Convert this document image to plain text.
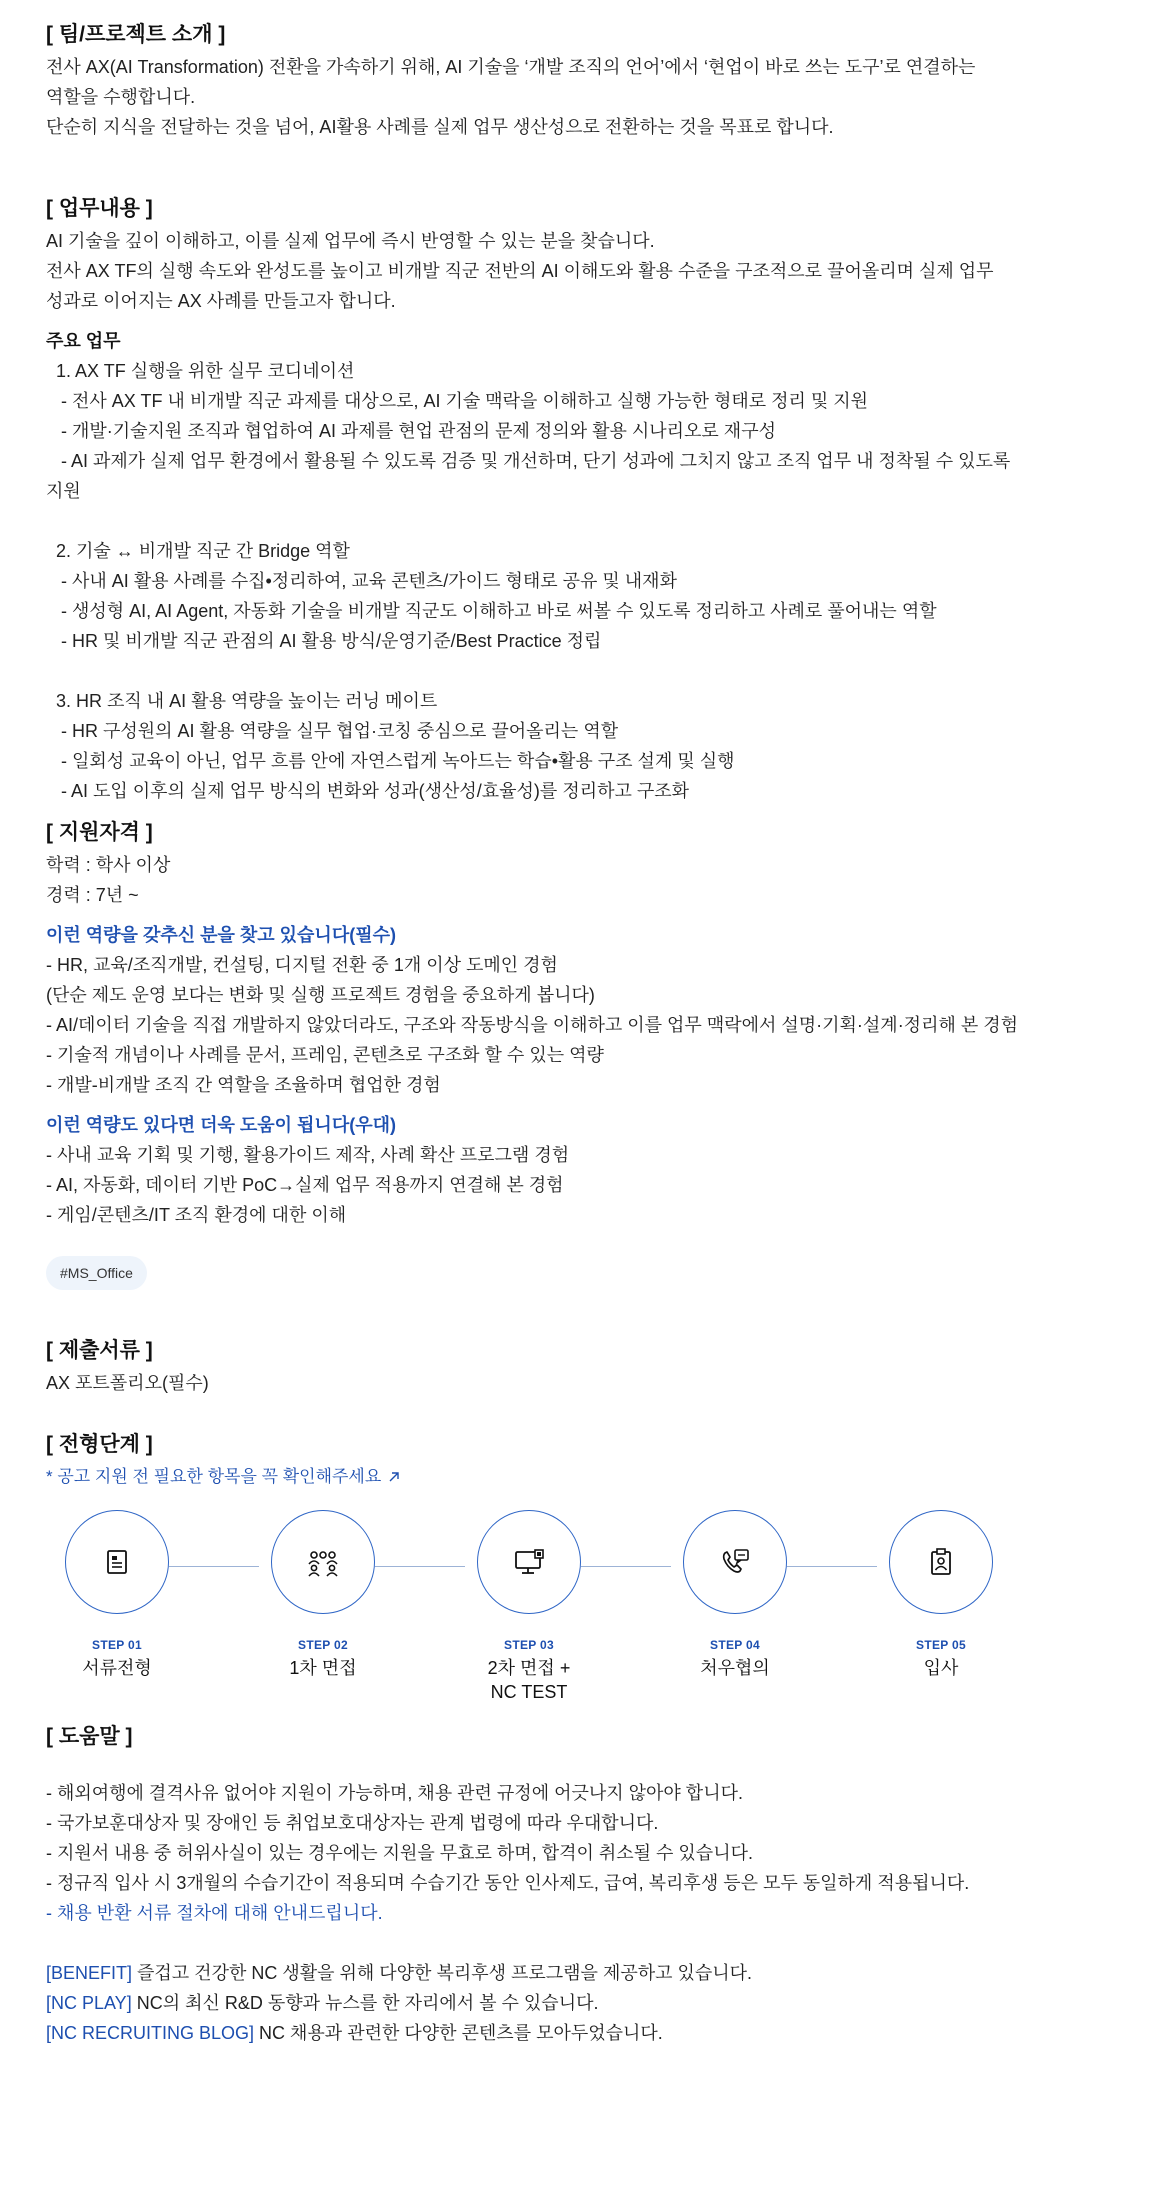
[ 팀/프로젝트 소개 ]

전사 AX(AI Transformation) 전환을 가속하기 위해, AI 기술을 ‘개발 조직의 언어’에서 ‘현업이 바로 쓰는 도구’로 연결하는

역할을 수행합니다.

단순히 지식을 전달하는 것을 넘어, AI활용 사례를 실제 업무 생산성으로 전환하는 것을 목표로 합니다.

[ 업무내용 ]

AI 기술을 깊이 이해하고, 이를 실제 업무에 즉시 반영할 수 있는 분을 찾습니다.

전사 AX TF의 실행 속도와 완성도를 높이고 비개발 직군 전반의 AI 이해도와 활용 수준을 구조적으로 끌어올리며 실제 업무

성과로 이어지는 AX 사례를 만들고자 합니다.

주요 업무

1. AX TF 실행을 위한 실무 코디네이션

- 전사 AX TF 내 비개발 직군 과제를 대상으로, AI 기술 맥락을 이해하고 실행 가능한 형태로 정리 및 지원

- 개발·기술지원 조직과 협업하여 AI 과제를 현업 관점의 문제 정의와 활용 시나리오로 재구성

- AI 과제가 실제 업무 환경에서 활용될 수 있도록 검증 및 개선하며, 단기 성과에 그치지 않고 조직 업무 내 정착될 수 있도록

지원

2. 기술 ↔ 비개발 직군 간 Bridge 역할

- 사내 AI 활용 사례를 수집•정리하여, 교육 콘텐츠/가이드 형태로 공유 및 내재화

- 생성형 AI, AI Agent, 자동화 기술을 비개발 직군도 이해하고 바로 써볼 수 있도록 정리하고 사례로 풀어내는 역할

- HR 및 비개발 직군 관점의 AI 활용 방식/운영기준/Best Practice 정립

3. HR 조직 내 AI 활용 역량을 높이는 러닝 메이트

- HR 구성원의 AI 활용 역량을 실무 협업·코칭 중심으로 끌어올리는 역할

- 일회성 교육이 아닌, 업무 흐름 안에 자연스럽게 녹아드는 학습•활용 구조 설계 및 실행

- AI 도입 이후의 실제 업무 방식의 변화와 성과(생산성/효율성)를 정리하고 구조화

[ 지원자격 ]

학력 : 학사 이상

경력 : 7년 ~

이런 역량을 갖추신 분을 찾고 있습니다(필수)

- HR, 교육/조직개발, 컨설팅, 디지털 전환 중 1개 이상 도메인 경험

(단순 제도 운영 보다는 변화 및 실행 프로젝트 경험을 중요하게 봅니다)

- AI/데이터 기술을 직접 개발하지 않았더라도, 구조와 작동방식을 이해하고 이를 업무 맥락에서 설명·기획·설계·정리해 본 경험

- 기술적 개념이나 사례를 문서, 프레임, 콘텐츠로 구조화 할 수 있는 역량

- 개발-비개발 조직 간 역할을 조율하며 협업한 경험

이런 역량도 있다면 더욱 도움이 됩니다(우대)

- 사내 교육 기획 및 기행, 활용가이드 제작, 사례 확산 프로그램 경험

- AI, 자동화, 데이터 기반 PoC→실제 업무 적용까지 연결해 본 경험

- 게임/콘텐츠/IT 조직 환경에 대한 이해

#MS_Office

[ 제출서류 ]

AX 포트폴리오(필수)

[ 전형단계 ]

* 공고 지원 전 필요한 항목을 꼭 확인해주세요
STEP 01
서류전형
STEP 02
1차 면접
STEP 03
2차 면접 +
NC TEST
STEP 04
처우협의
STEP 05
입사

[ 도움말 ]

- 해외여행에 결격사유 없어야 지원이 가능하며, 채용 관련 규정에 어긋나지 않아야 합니다.

- 국가보훈대상자 및 장애인 등 취업보호대상자는 관계 법령에 따라 우대합니다.

- 지원서 내용 중 허위사실이 있는 경우에는 지원을 무효로 하며, 합격이 취소될 수 있습니다.

- 정규직 입사 시 3개월의 수습기간이 적용되며 수습기간 동안 인사제도, 급여, 복리후생 등은 모두 동일하게 적용됩니다.

- 채용 반환 서류 절차에 대해 안내드립니다.

[BENEFIT] 즐겁고 건강한 NC 생활을 위해 다양한 복리후생 프로그램을 제공하고 있습니다.

[NC PLAY] NC의 최신 R&D 동향과 뉴스를 한 자리에서 볼 수 있습니다.

[NC RECRUITING BLOG] NC 채용과 관련한 다양한 콘텐츠를 모아두었습니다.
